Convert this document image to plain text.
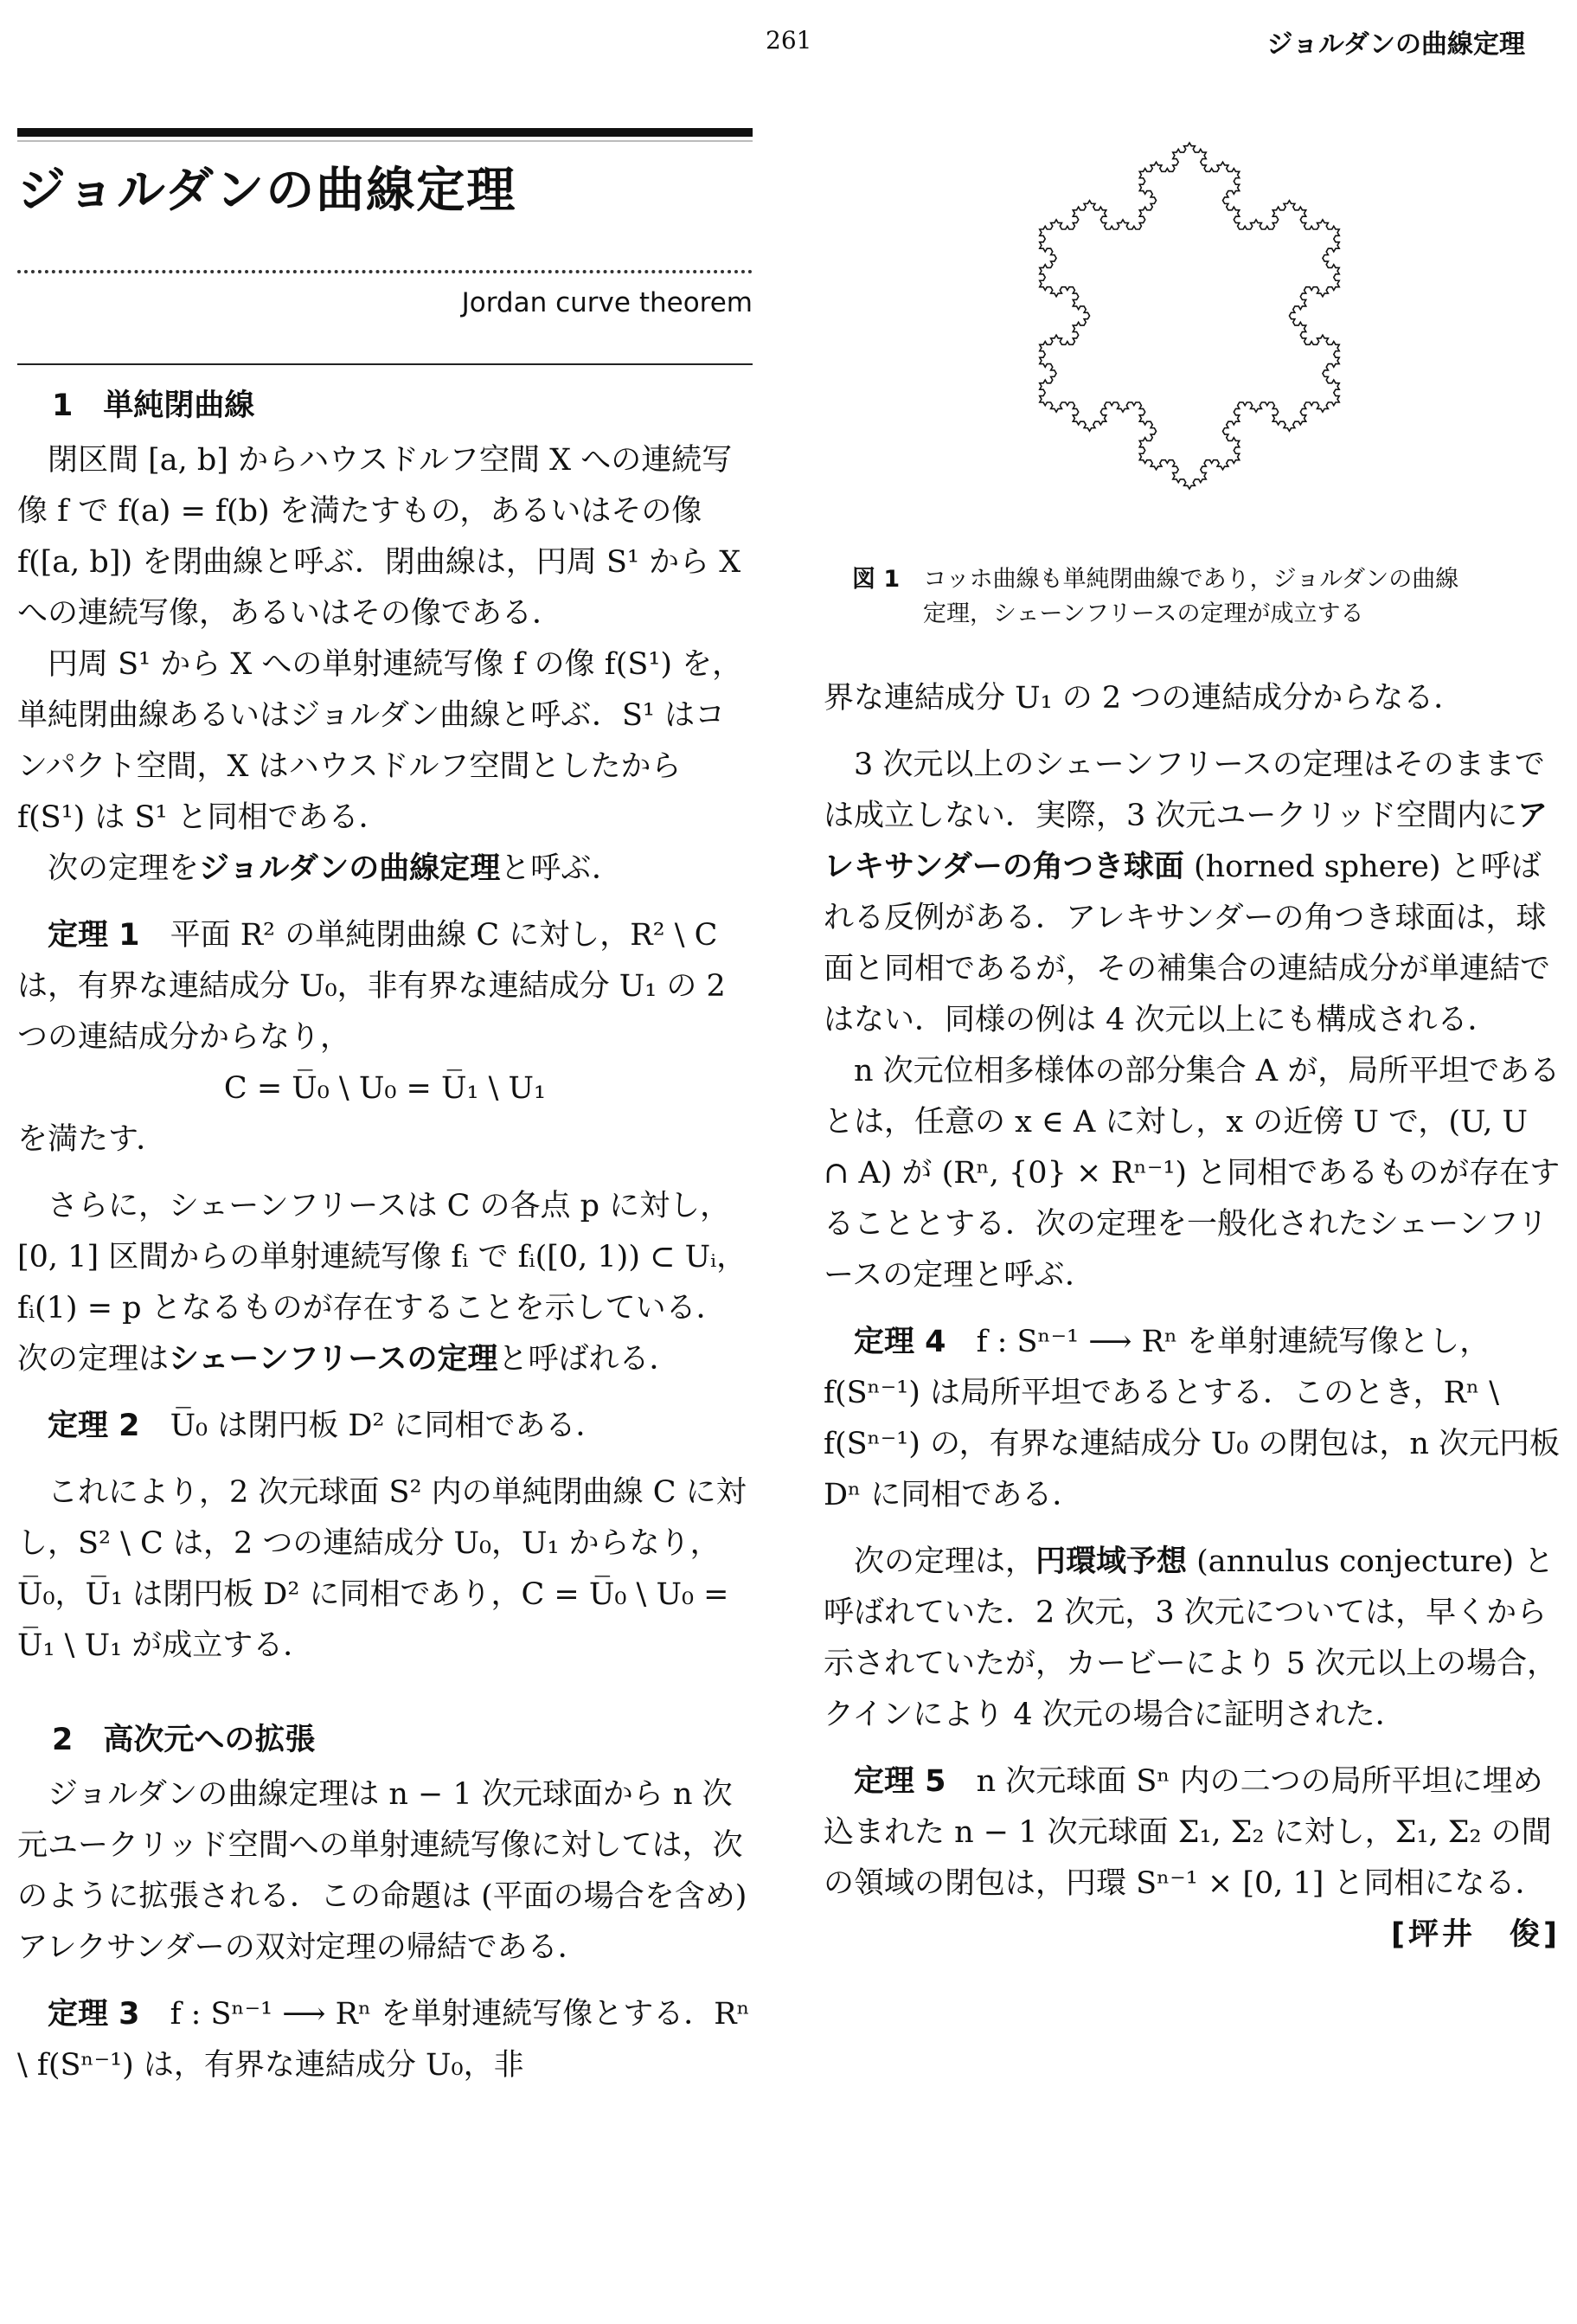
261	ジョルダンの曲線定理
ジョルダンの曲線定理
Jordan curve theorem

1　単純閉曲線

閉区間 [a, b] からハウスドルフ空間 X への連続写像 f で f(a) = f(b) を満たすもの，あるいはその像 f([a, b]) を閉曲線と呼ぶ．閉曲線は，円周 S¹ から X への連続写像，あるいはその像である．

円周 S¹ から X への単射連続写像 f の像 f(S¹) を，単純閉曲線あるいはジョルダン曲線と呼ぶ．S¹ はコンパクト空間，X はハウスドルフ空間としたから f(S¹) は S¹ と同相である．

次の定理をジョルダンの曲線定理と呼ぶ．

定理 1　 平面 R² の単純閉曲線 C に対し，R² \ C は，有界な連結成分 U₀，非有界な連結成分 U₁ の 2 つの連結成分からなり，

C = U̅₀ \ U₀ = U̅₁ \ U₁

を満たす．

さらに，シェーンフリースは C の各点 p に対し，[0, 1] 区間からの単射連続写像 fᵢ で fᵢ([0, 1)) ⊂ Uᵢ，fᵢ(1) = p となるものが存在することを示している．次の定理はシェーンフリースの定理と呼ばれる．

定理 2　 U̅₀ は閉円板 D² に同相である．

これにより，2 次元球面 S² 内の単純閉曲線 C に対し，S² \ C は，2 つの連結成分 U₀，U₁ からなり，U̅₀，U̅₁ は閉円板 D² に同相であり，C = U̅₀ \ U₀ = U̅₁ \ U₁ が成立する．

2　高次元への拡張

ジョルダンの曲線定理は n − 1 次元球面から n 次元ユークリッド空間への単射連続写像に対しては，次のように拡張される．この命題は (平面の場合を含め) アレクサンダーの双対定理の帰結である．

定理 3　 f : Sⁿ⁻¹ ⟶ Rⁿ を単射連続写像とする．Rⁿ \ f(Sⁿ⁻¹) は，有界な連結成分 U₀，非

図 1　 コッホ曲線も単純閉曲線であり，ジョルダンの曲線

定理，シェーンフリースの定理が成立する

界な連結成分 U₁ の 2 つの連結成分からなる．

3 次元以上のシェーンフリースの定理はそのままでは成立しない．実際，3 次元ユークリッド空間内にアレキサンダーの角つき球面 (horned sphere) と呼ばれる反例がある．アレキサンダーの角つき球面は，球面と同相であるが，その補集合の連結成分が単連結ではない．同様の例は 4 次元以上にも構成される．

n 次元位相多様体の部分集合 A が，局所平坦であるとは，任意の x ∈ A に対し，x の近傍 U で，(U, U ∩ A) が (Rⁿ, {0} × Rⁿ⁻¹) と同相であるものが存在することとする．次の定理を一般化されたシェーンフリースの定理と呼ぶ．

定理 4　 f : Sⁿ⁻¹ ⟶ Rⁿ を単射連続写像とし，f(Sⁿ⁻¹) は局所平坦であるとする．このとき，Rⁿ \ f(Sⁿ⁻¹) の，有界な連結成分 U₀ の閉包は，n 次元円板 Dⁿ に同相である．

次の定理は，円環域予想 (annulus conjecture) と呼ばれていた．2 次元，3 次元については，早くから示されていたが，カービーにより 5 次元以上の場合，クインにより 4 次元の場合に証明された．

定理 5　 n 次元球面 Sⁿ 内の二つの局所平坦に埋め込まれた n − 1 次元球面 Σ₁, Σ₂ に対し，Σ₁, Σ₂ の間の領域の閉包は，円環 Sⁿ⁻¹ × [0, 1] と同相になる．
[坪井　俊]
